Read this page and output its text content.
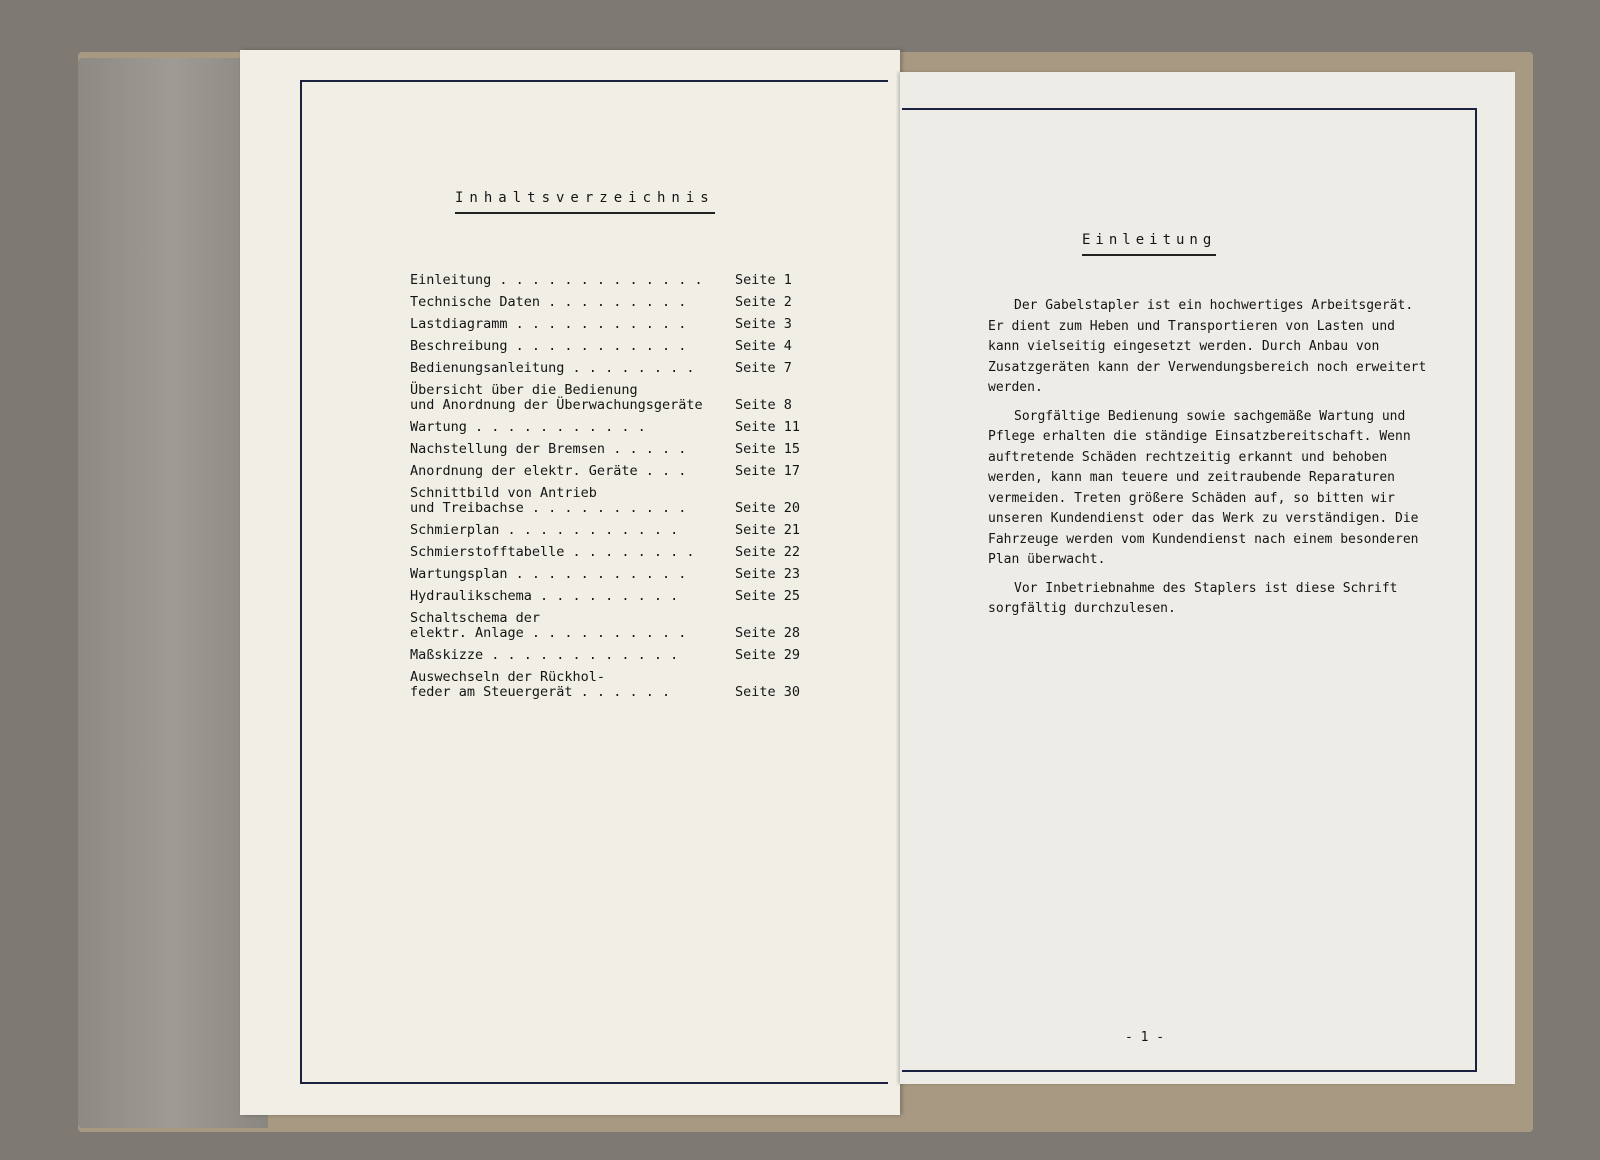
Inhaltsverzeichnis
Einleitung . . . . . . . . . . . . .	Seite 1
Technische Daten . . . . . . . . .	Seite 2
Lastdiagramm . . . . . . . . . . .	Seite 3
Beschreibung . . . . . . . . . . .	Seite 4
Bedienungsanleitung . . . . . . . .	Seite 7
Übersicht über die Bedienung
und Anordnung der Überwachungsgeräte	Seite 8
Wartung . . . . . . . . . . .	Seite 11
Nachstellung der Bremsen . . . . .	Seite 15
Anordnung der elektr. Geräte . . .	Seite 17
Schnittbild von Antrieb
und Treibachse . . . . . . . . . .	Seite 20
Schmierplan . . . . . . . . . . .	Seite 21
Schmierstofftabelle . . . . . . . .	Seite 22
Wartungsplan . . . . . . . . . . .	Seite 23
Hydraulikschema . . . . . . . . .	Seite 25
Schaltschema der
elektr. Anlage . . . . . . . . . .	Seite 28
Maßskizze . . . . . . . . . . . .	Seite 29
Auswechseln der Rückhol-
feder am Steuergerät . . . . . .	Seite 30
Einleitung

Der Gabelstapler ist ein hochwertiges Arbeitsgerät. Er dient zum Heben und Transportieren von Lasten und kann vielseitig eingesetzt werden. Durch Anbau von Zusatzgeräten kann der Verwendungsbereich noch erweitert werden.

Sorgfältige Bedienung sowie sachgemäße Wartung und Pflege erhalten die ständige Einsatzbereitschaft. Wenn auftretende Schäden rechtzeitig erkannt und behoben werden, kann man teuere und zeitraubende Reparaturen vermeiden. Treten größere Schäden auf, so bitten wir unseren Kundendienst oder das Werk zu verständigen. Die Fahrzeuge werden vom Kundendienst nach einem besonderen Plan überwacht.

Vor Inbetriebnahme des Staplers ist diese Schrift sorgfältig durchzulesen.

- 1 -
